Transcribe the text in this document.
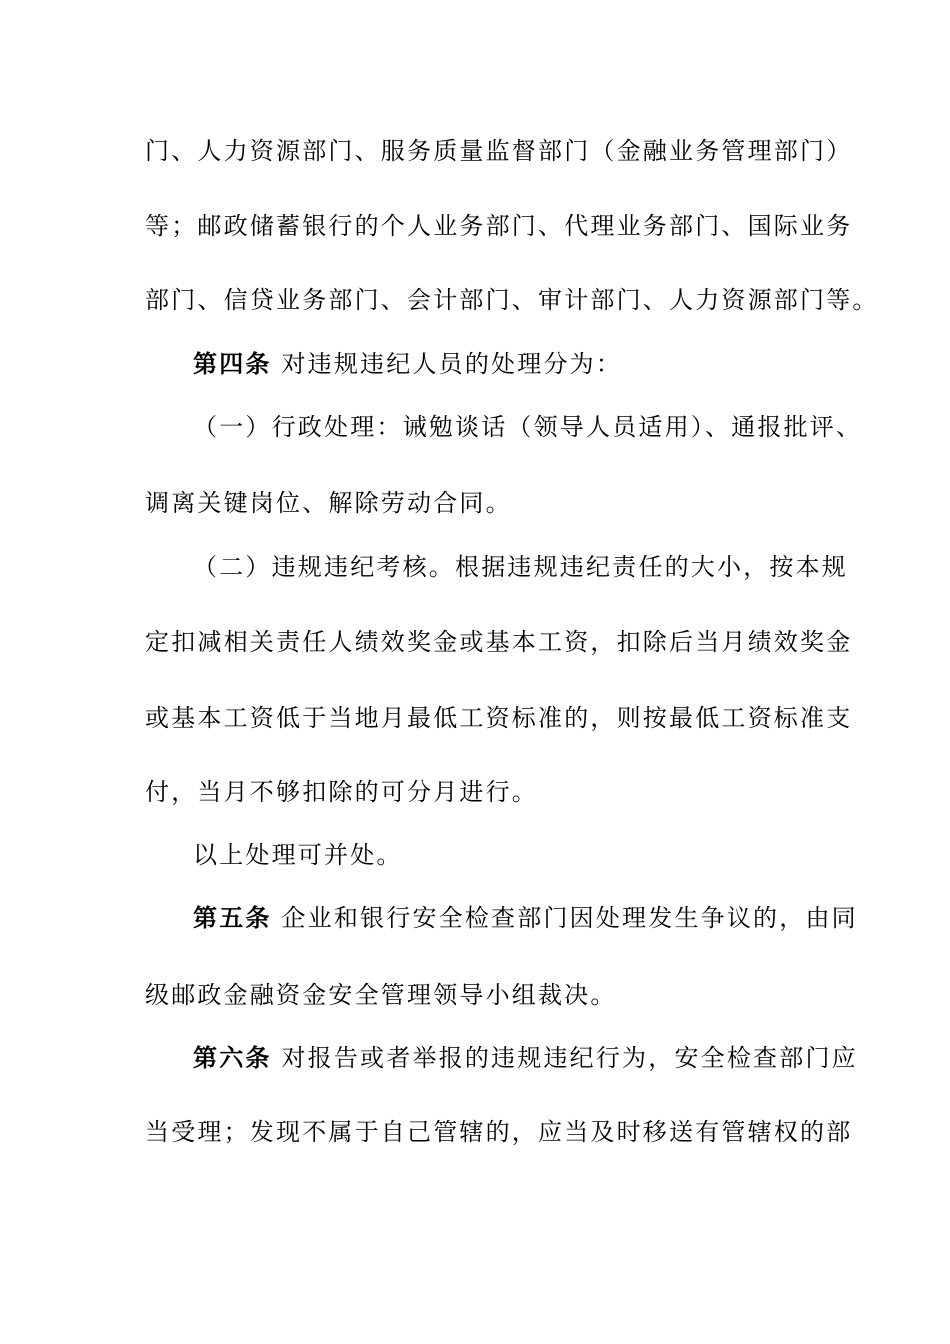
门、人力资源部门、服务质量监督部门（金融业务管理部门）
等；邮政储蓄银行的个人业务部门、代理业务部门、国际业务
部门、信贷业务部门、会计部门、审计部门、人力资源部门等。
第四条 对违规违纪人员的处理分为：
（一）行政处理：诫勉谈话（领导人员适用）、通报批评、
调离关键岗位、解除劳动合同。
（二）违规违纪考核。根据违规违纪责任的大小，按本规
定扣减相关责任人绩效奖金或基本工资，扣除后当月绩效奖金
或基本工资低于当地月最低工资标准的，则按最低工资标准支
付，当月不够扣除的可分月进行。
以上处理可并处。
第五条 企业和银行安全检查部门因处理发生争议的，由同
级邮政金融资金安全管理领导小组裁决。
第六条 对报告或者举报的违规违纪行为，安全检查部门应
当受理；发现不属于自己管辖的，应当及时移送有管辖权的部
